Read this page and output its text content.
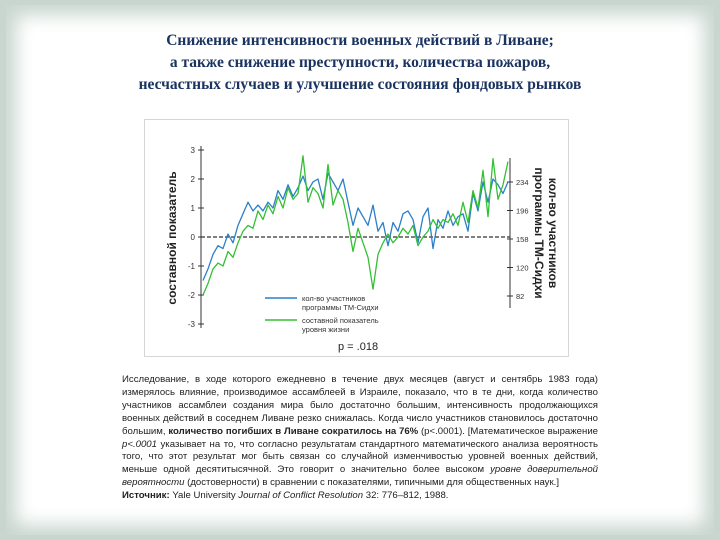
Снижение интенсивности военных действий в Ливане;
а также снижение преступности, количества пожаров,
несчастных случаев и улучшение состояния фондовых рынков
3
2
1
0
-1
-2
-3
234
196
158
120
82
составной показатель	кол-во участников
программы ТМ-Сидхи
кол-во участников
программы ТМ-Сидхи
составной показатель
уровня жизни
p = .018
Исследование, в ходе которого ежедневно в течение двух месяцев (август и сентябрь 1983 года) измерялось влияние, производимое ассамблеей в Израиле, показало, что в те дни, когда количество участников ассамблеи создания мира было достаточно большим, интенсивность продолжающихся военных действий в соседнем Ливане резко снижалась. Когда число участников становилось достаточно большим, количество погибших в Ливане сократилось на 76% (p<.0001). [Математическое выражение p<.0001 указывает на то, что согласно результатам стандартного математического анализа вероятность того, что этот результат мог быть связан со случайной изменчивостью уровней военных действий, меньше одной десятитысячной. Это говорит о значительно более высоком уровне доверительной вероятности (достоверности) в сравнении с показателями, типичными для общественных наук.]
Источник: Yale University Journal of Conflict Resolution 32: 776–812, 1988.
